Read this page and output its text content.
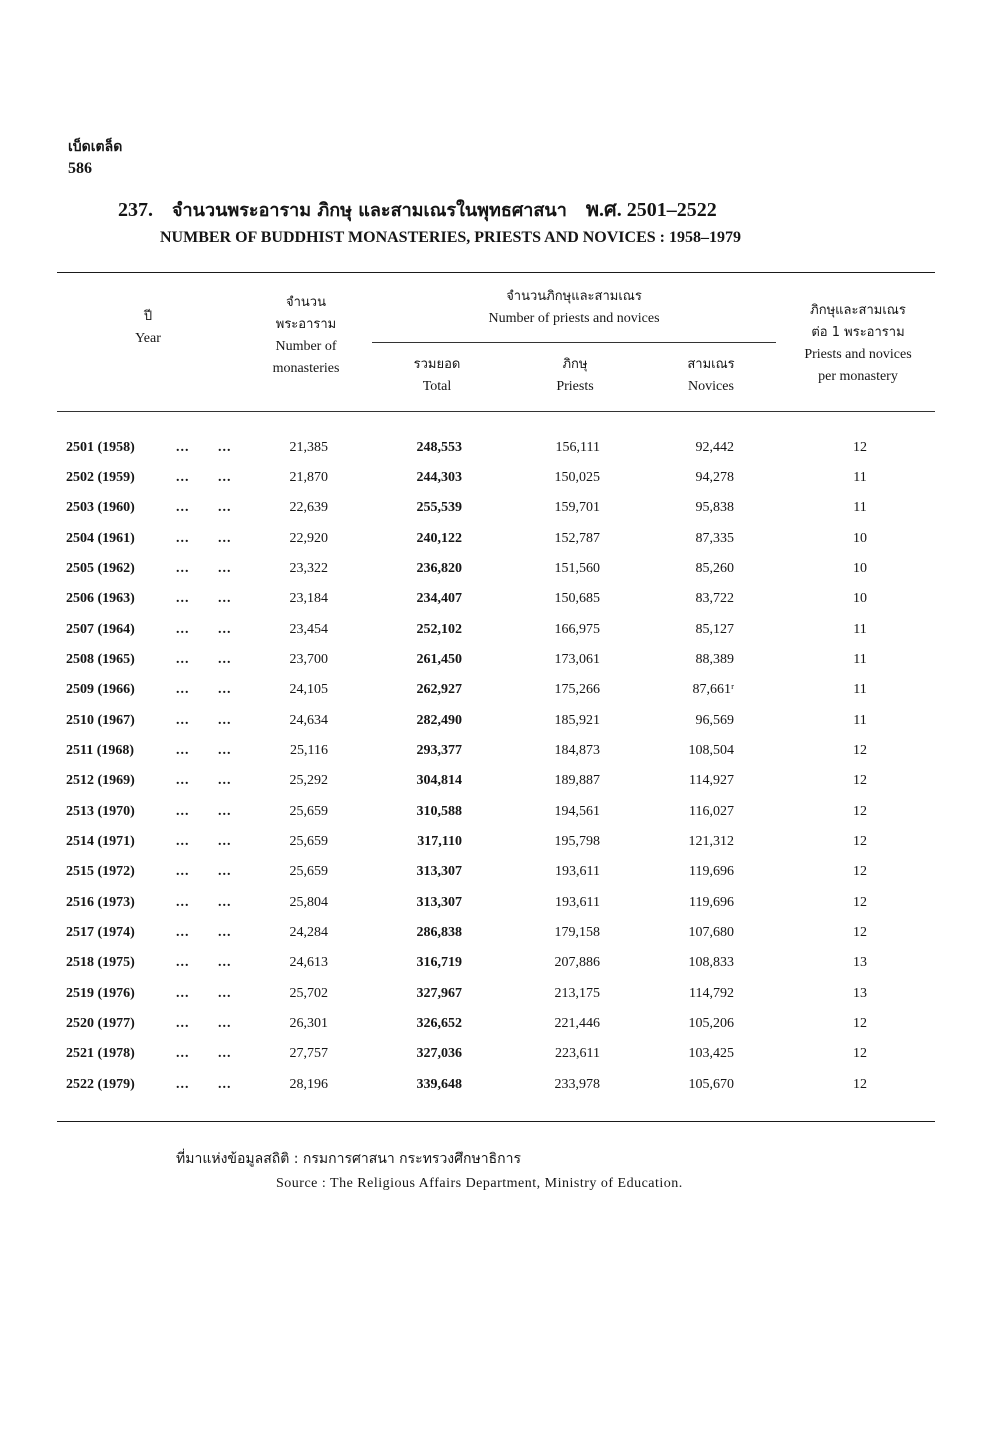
เบ็ดเตล็ด
586
237. จำนวนพระอาราม ภิกษุ และสามเณรในพุทธศาสนา พ.ศ. 2501–2522
NUMBER OF BUDDHIST MONASTERIES, PRIESTS AND NOVICES : 1958–1979
ปี
Year
จำนวน
พระอาราม
Number of
monasteries
จำนวนภิกษุและสามเณร
Number of priests and novices
รวมยอด
Total
ภิกษุ
Priests
สามเณร
Novices
ภิกษุและสามเณร
ต่อ 1 พระอาราม
Priests and novices
per monastery
2501 (1958)	... ...	21,385	248,553	156,111	92,442	12
2502 (1959)	... ...	21,870	244,303	150,025	94,278	11
2503 (1960)	... ...	22,639	255,539	159,701	95,838	11
2504 (1961)	... ...	22,920	240,122	152,787	87,335	10
2505 (1962)	... ...	23,322	236,820	151,560	85,260	10
2506 (1963)	... ...	23,184	234,407	150,685	83,722	10
2507 (1964)	... ...	23,454	252,102	166,975	85,127	11
2508 (1965)	... ...	23,700	261,450	173,061	88,389	11
2509 (1966)	... ...	24,105	262,927	175,266	87,661ʳ	11
2510 (1967)	... ...	24,634	282,490	185,921	96,569	11
2511 (1968)	... ...	25,116	293,377	184,873	108,504	12
2512 (1969)	... ...	25,292	304,814	189,887	114,927	12
2513 (1970)	... ...	25,659	310,588	194,561	116,027	12
2514 (1971)	... ...	25,659	317,110	195,798	121,312	12
2515 (1972)	... ...	25,659	313,307	193,611	119,696	12
2516 (1973)	... ...	25,804	313,307	193,611	119,696	12
2517 (1974)	... ...	24,284	286,838	179,158	107,680	12
2518 (1975)	... ...	24,613	316,719	207,886	108,833	13
2519 (1976)	... ...	25,702	327,967	213,175	114,792	13
2520 (1977)	... ...	26,301	326,652	221,446	105,206	12
2521 (1978)	... ...	27,757	327,036	223,611	103,425	12
2522 (1979)	... ...	28,196	339,648	233,978	105,670	12
ที่มาแห่งข้อมูลสถิติ : กรมการศาสนา กระทรวงศึกษาธิการ
Source : The Religious Affairs Department, Ministry of Education.
